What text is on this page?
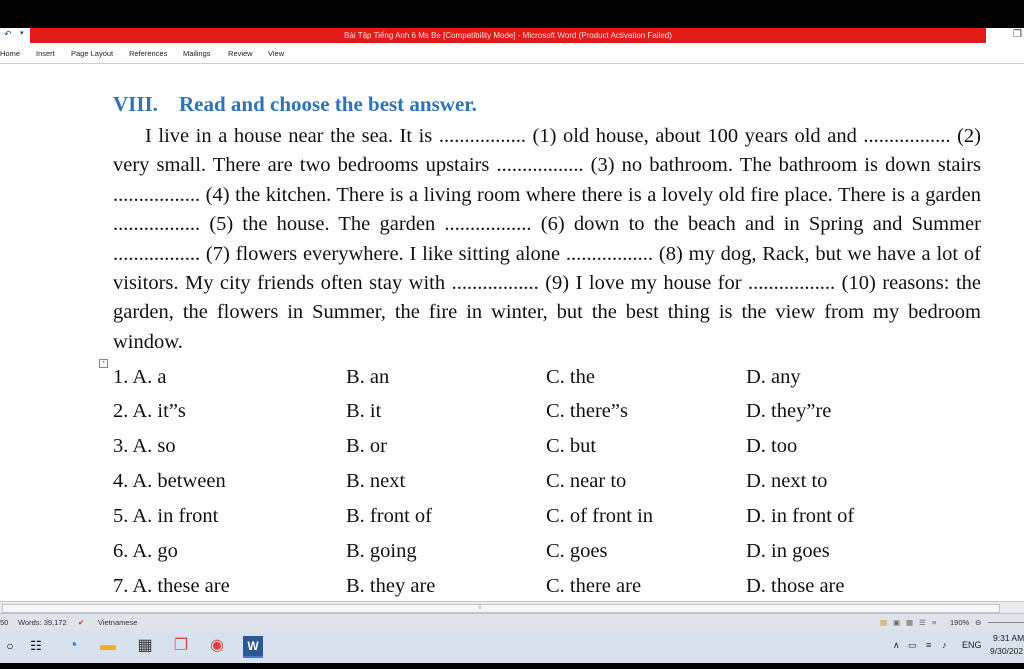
↶ ▾	Bài Tập Tiếng Anh 6 Ms Be [Compatibility Mode] - Microsoft Word (Product Activation Failed)	❐
Home Insert Page Layout References Mailings Review View
VIII. Read and choose the best answer.

I live in a house near the sea. It is ................. (1) old house, about 100 years old and ................. (2) very small. There are two bedrooms upstairs ................. (3) no bathroom. The bathroom is down stairs ................. (4) the kitchen. There is a living room where there is a lovely old fire place. There is a garden ................. (5) the house. The garden ................. (6) down to the beach and in Spring and Summer ................. (7) flowers everywhere. I like sitting alone ................. (8) my dog, Rack, but we have a lot of visitors. My city friends often stay with ................. (9) I love my house for ................. (10) reasons: the garden, the flowers in Summer, the fire in winter, but the best thing is the view from my bedroom window.

+
1. A. a	B. an	C. the	D. any
2. A. it”s	B. it	C. there”s	D. they”re
3. A. so	B. or	C. but	D. too
4. A. between	B. next	C. near to	D. next to
5. A. in front	B. front of	C. of front in	D. in front of
6. A. go	B. going	C. goes	D. in goes
7. A. these are	B. they are	C. there are	D. those are
≡
50 Words: 39,172 ✔ Vietnamese	▤ ▣ ▦ ☰ ≡ 190% ⊖
○	☷	◔	▬ ▦ ❐ ◉	W	∧ ▭ ≡ ♪ ENG
9:31 AM
9/30/202
